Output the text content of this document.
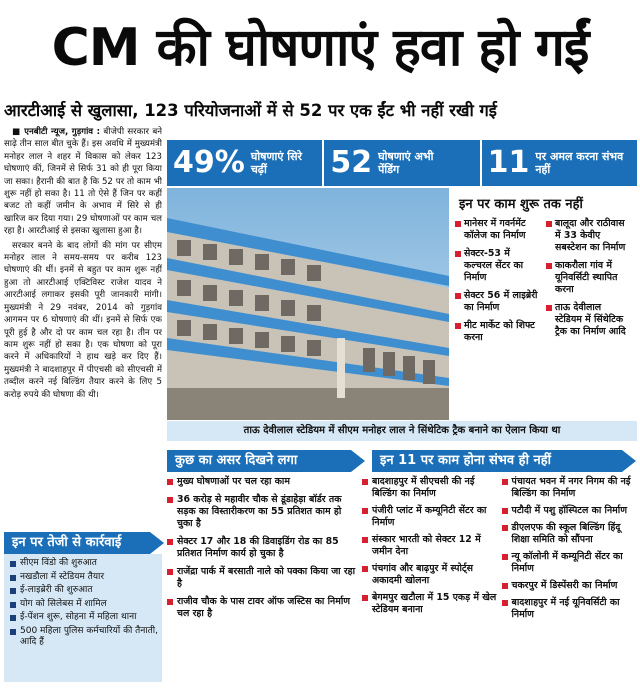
CM की घोषणाएं हवा हो गईं
आरटीआई से खुलासा, 123 परियोजनाओं में से 52 पर एक ईंट भी नहीं रखी गई

■ एनबीटी न्यूज, गुड़गांव : बीजेपी सरकार बने साढ़े तीन साल बीत चुके हैं। इस अवधि में मुख्यमंत्री मनोहर लाल ने शहर में विकास को लेकर 123 घोषणाएं कीं, जिनमें से सिर्फ 31 को ही पूरा किया जा सका। हैरानी की बात है कि 52 पर तो काम भी शुरू नहीं हो सका है। 11 तो ऐसे हैं जिन पर कहीं बजट तो कहीं जमीन के अभाव में सिरे से ही खारिज कर दिया गया। 29 घोषणाओं पर काम चल रहा है। आरटीआई से इसका खुलासा हुआ है।

सरकार बनने के बाद लोगों की मांग पर सीएम मनोहर लाल ने समय-समय पर करीब 123 घोषणाएं की थीं। इनमें से बहुत पर काम शुरू नहीं हुआ तो आरटीआई एक्टिविस्ट राजेश यादव ने आरटीआई लगाकर इसकी पूरी जानकारी मांगी। मुख्यमंत्री ने 29 नवंबर, 2014 को गुड़गांव आगमन पर 6 घोषणाएं की थीं। इनमें से सिर्फ एक पूरी हुई है और दो पर काम चल रहा है। तीन पर काम शुरू नहीं हो सका है। एक घोषणा को पूरा करने में अधिकारियों ने हाथ खड़े कर दिए हैं। मुख्यमंत्री ने बादशाहपुर में पीएचसी को सीएचसी में तब्दील करने नई बिल्डिंग तैयार करने के लिए 5 करोड़ रुपये की घोषणा की थी।

49% घोषणाएं सिरे चढ़ीं	52 घोषणाएं अभी पेंडिंग	11 पर अमल करना संभव नहीं
इन पर काम शुरू तक नहीं
मानेसर में गवर्नमेंट कॉलेज का निर्माण
सेक्टर-53 में कल्चरल सेंटर का निर्माण
सेक्टर 56 में लाइब्रेरी का निर्माण
मीट मार्केट को शिफ्ट करना
बालूदा और राठीवास में 33 केवीए सबस्टेशन का निर्माण
काकरौला गांव में यूनिवर्सिटी स्थापित करना
ताऊ देवीलाल स्टेडियम में सिंथेटिक ट्रैक का निर्माण आदि
ताऊ देवीलाल स्टेडियम में सीएम मनोहर लाल ने सिंथेटिक ट्रैक बनाने का ऐलान किया था
कुछ का असर दिखने लगा
मुख्य घोषणाओं पर चल रहा काम
36 करोड़ से महावीर चौक से डूंडाहेड़ा बॉर्डर तक सड़क का विस्तारीकरण का 55 प्रतिशत काम हो चुका है
सेक्टर 17 और 18 की डिवाइडिंग रोड का 85 प्रतिशत निर्माण कार्य हो चुका है
राजेंद्रा पार्क में बरसाती नाले को पक्का किया जा रहा है
राजीव चौक के पास टावर ऑफ जस्टिस का निर्माण चल रहा है
इन 11 पर काम होना संभव ही नहीं
बादशाहपुर में सीएचसी की नई बिल्डिंग का निर्माण
पंजीरी प्लांट में कम्यूनिटी सेंटर का निर्माण
संस्कार भारती को सेक्टर 12 में जमीन देना
पंचगांव और बाढ़पुर में स्पोर्ट्स अकादमी खोलना
बेगमपुर खटौला में 15 एकड़ में खेल स्टेडियम बनाना
पंचायत भवन में नगर निगम की नई बिल्डिंग का निर्माण
पटौदी में पशु हॉस्पिटल का निर्माण
डीएलएफ की स्कूल बिल्डिंग हिंदू शिक्षा समिति को सौंपना
न्यू कॉलोनी में कम्यूनिटी सेंटर का निर्माण
चकरपुर में डिस्पेंसरी का निर्माण
बादशाहपुर में नई यूनिवर्सिटी का निर्माण
इन पर तेजी से कार्रवाई
सीएम विंडो की शुरुआत
नखडौला में स्टेडियम तैयार
ई-लाइब्रेरी की शुरुआत
योग को सिलेबस में शामिल
ई-पेंशन शुरू, सोहना में महिला थाना
500 महिला पुलिस कर्मचारियों की तैनाती, आदि हैं
